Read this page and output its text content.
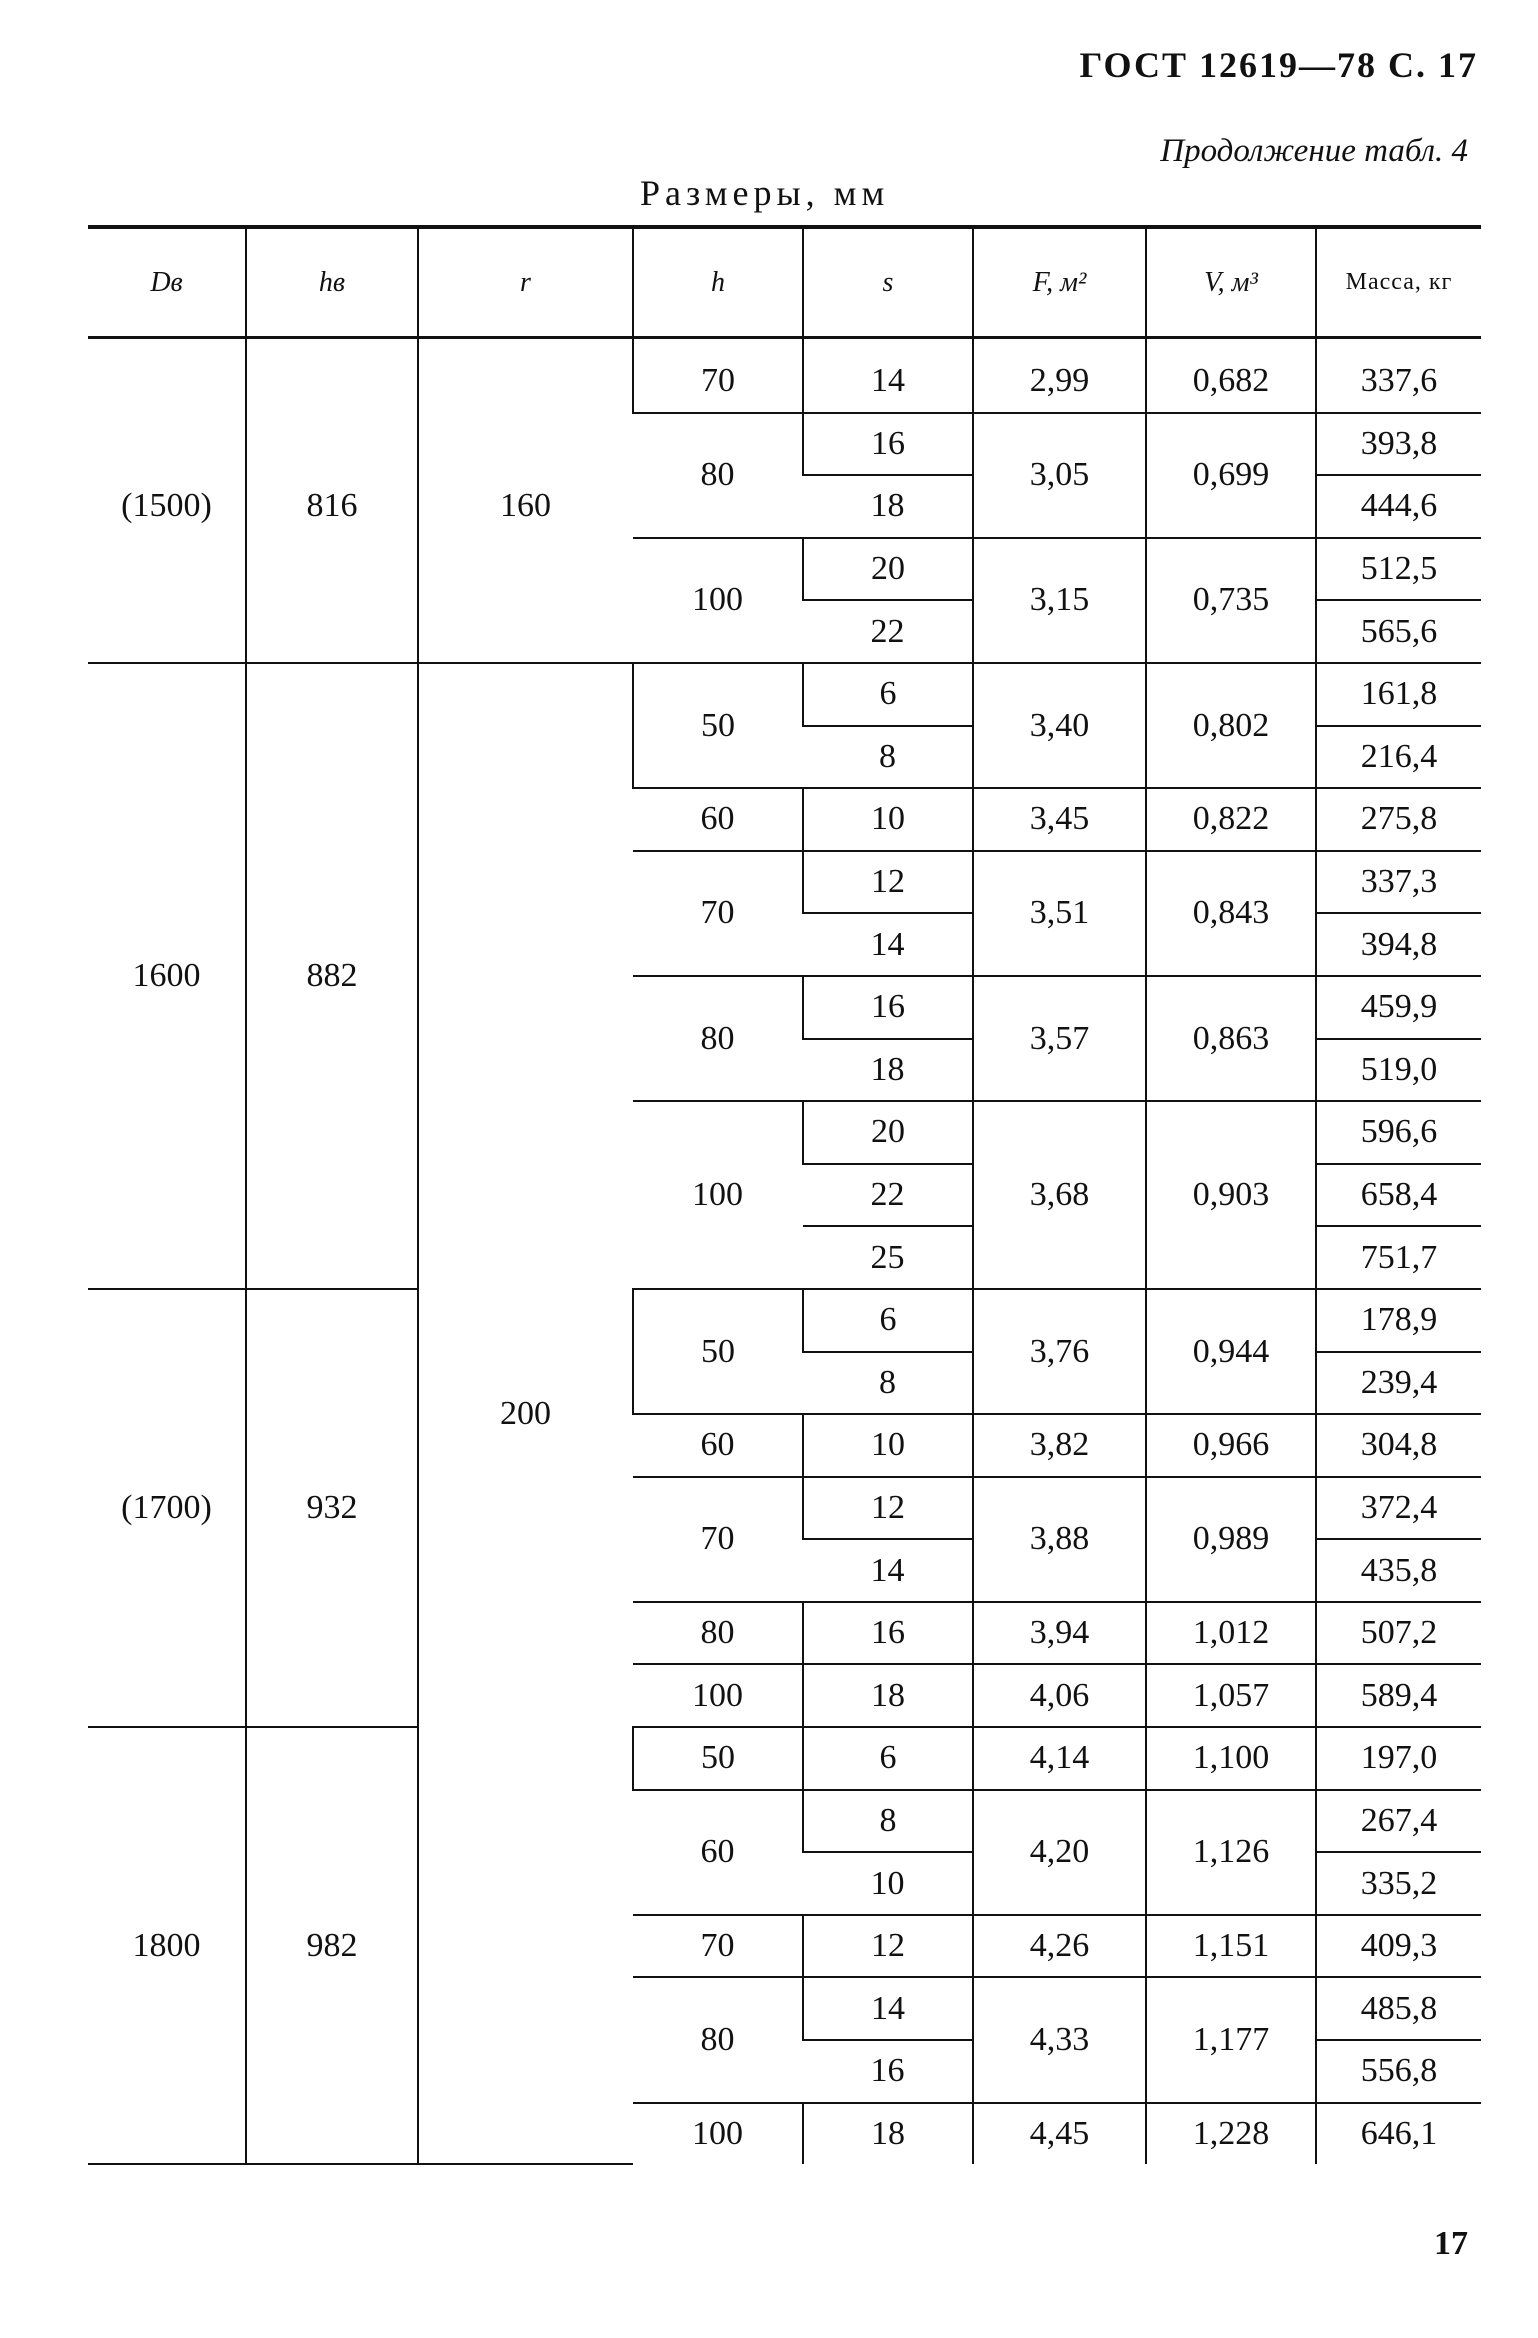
ГОСТ 12619—78 С. 17
Продолжение табл. 4
Размеры, мм
Dв	hв	r	h	s	F, м²	V, м³	Масса, кг
(1500)	816	160	70	14	2,99	0,682	337,6
			80	16	3,05	0,699	393,8
				18			444,6
			100	20	3,15	0,735	512,5
				22			565,6
1600	882	200	50	6	3,40	0,802	161,8
				8			216,4
			60	10	3,45	0,822	275,8
			70	12	3,51	0,843	337,3
				14			394,8
			80	16	3,57	0,863	459,9
				18			519,0
			100	20	3,68	0,903	596,6
				22			658,4
				25			751,7
(1700)	932		50	6	3,76	0,944	178,9
				8			239,4
			60	10	3,82	0,966	304,8
			70	12	3,88	0,989	372,4
				14			435,8
			80	16	3,94	1,012	507,2
			100	18	4,06	1,057	589,4
1800	982		50	6	4,14	1,100	197,0
			60	8	4,20	1,126	267,4
				10			335,2
			70	12	4,26	1,151	409,3
			80	14	4,33	1,177	485,8
				16			556,8
			100	18	4,45	1,228	646,1
17
